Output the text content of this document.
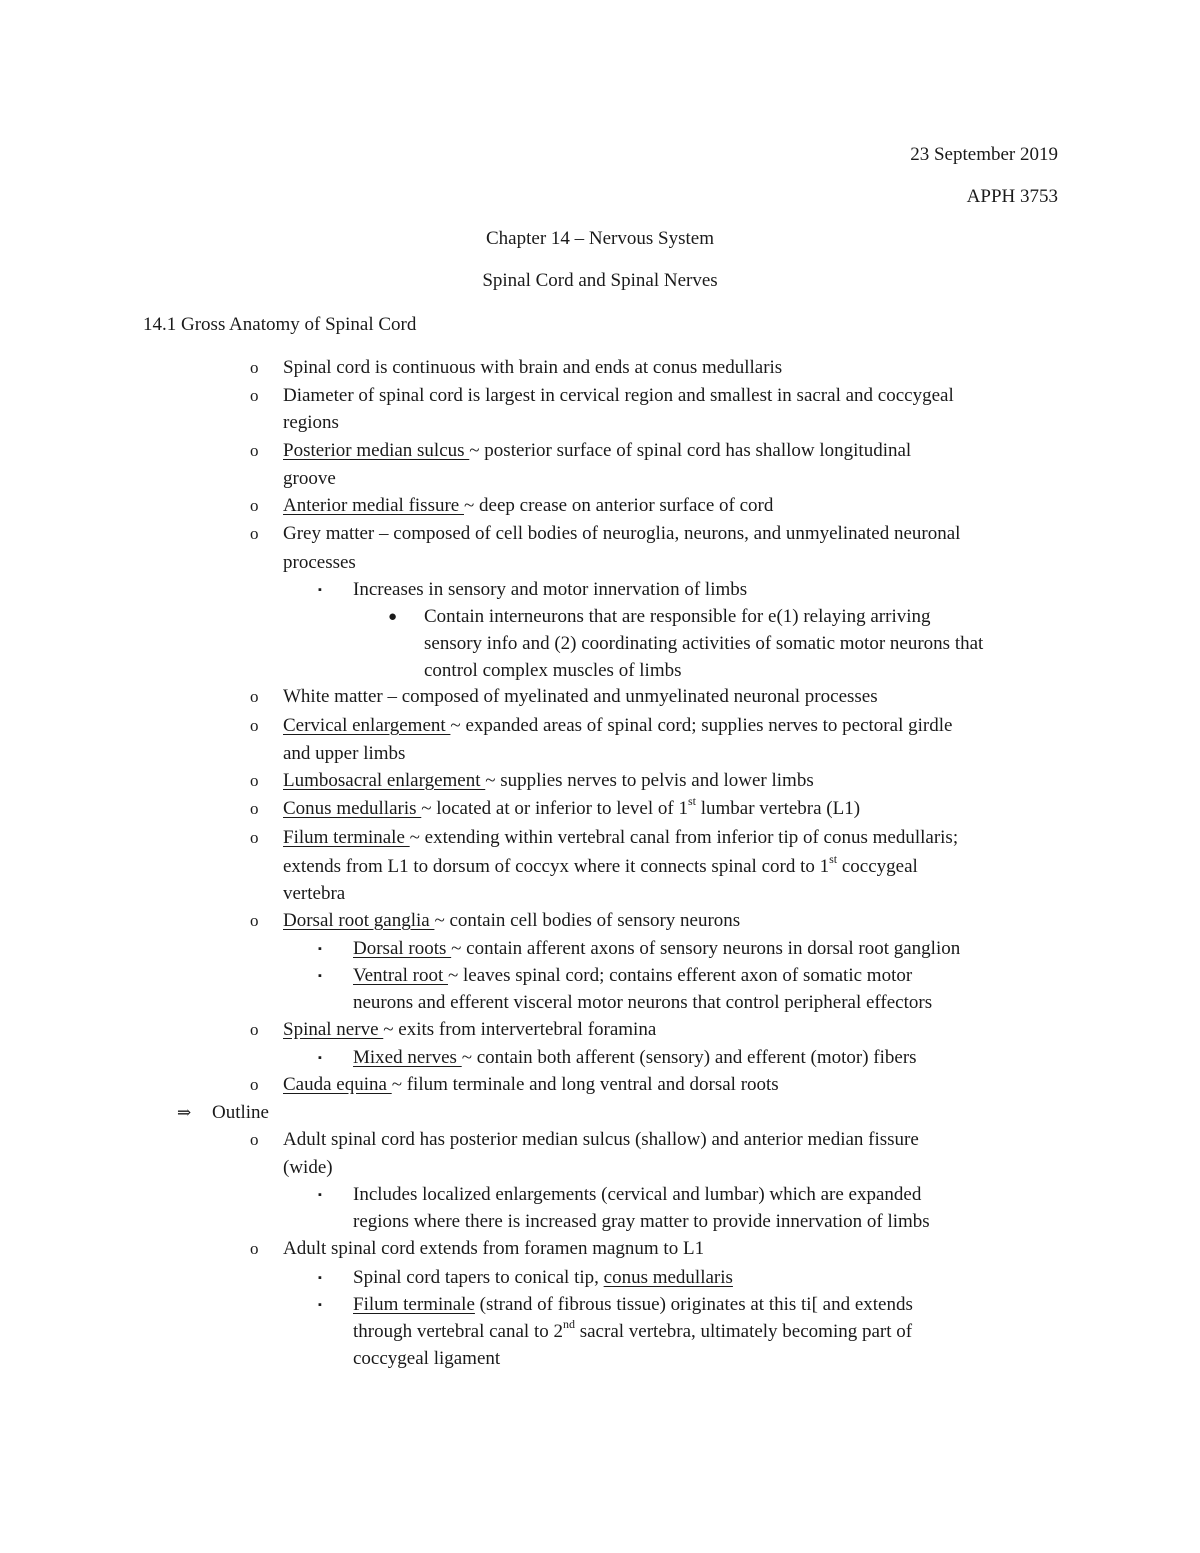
23 September 2019
APPH 3753
Chapter 14 – Nervous System
Spinal Cord and Spinal Nerves
14.1 Gross Anatomy of Spinal Cord
o Spinal cord is continuous with brain and ends at conus medullaris
o Diameter of spinal cord is largest in cervical region and smallest in sacral and coccygeal
regions
o Posterior median sulcus ~ posterior surface of spinal cord has shallow longitudinal
groove
o Anterior medial fissure ~ deep crease on anterior surface of cord
o Grey matter – composed of cell bodies of neuroglia, neurons, and unmyelinated neuronal
processes
▪ Increases in sensory and motor innervation of limbs
● Contain interneurons that are responsible for e(1) relaying arriving
sensory info and (2) coordinating activities of somatic motor neurons that
control complex muscles of limbs
o White matter – composed of myelinated and unmyelinated neuronal processes
o Cervical enlargement ~ expanded areas of spinal cord; supplies nerves to pectoral girdle
and upper limbs
o Lumbosacral enlargement ~ supplies nerves to pelvis and lower limbs
o Conus medullaris ~ located at or inferior to level of 1st lumbar vertebra (L1)
o Filum terminale ~ extending within vertebral canal from inferior tip of conus medullaris;
extends from L1 to dorsum of coccyx where it connects spinal cord to 1st coccygeal
vertebra
o Dorsal root ganglia ~ contain cell bodies of sensory neurons
▪ Dorsal roots ~ contain afferent axons of sensory neurons in dorsal root ganglion
▪ Ventral root ~ leaves spinal cord; contains efferent axon of somatic motor
neurons and efferent visceral motor neurons that control peripheral effectors
o Spinal nerve ~ exits from intervertebral foramina
▪ Mixed nerves ~ contain both afferent (sensory) and efferent (motor) fibers
o Cauda equina ~ filum terminale and long ventral and dorsal roots
⇒ Outline
o Adult spinal cord has posterior median sulcus (shallow) and anterior median fissure
(wide)
▪ Includes localized enlargements (cervical and lumbar) which are expanded
regions where there is increased gray matter to provide innervation of limbs
o Adult spinal cord extends from foramen magnum to L1
▪ Spinal cord tapers to conical tip, conus medullaris
▪ Filum terminale (strand of fibrous tissue) originates at this ti[ and extends
through vertebral canal to 2nd sacral vertebra, ultimately becoming part of
coccygeal ligament
